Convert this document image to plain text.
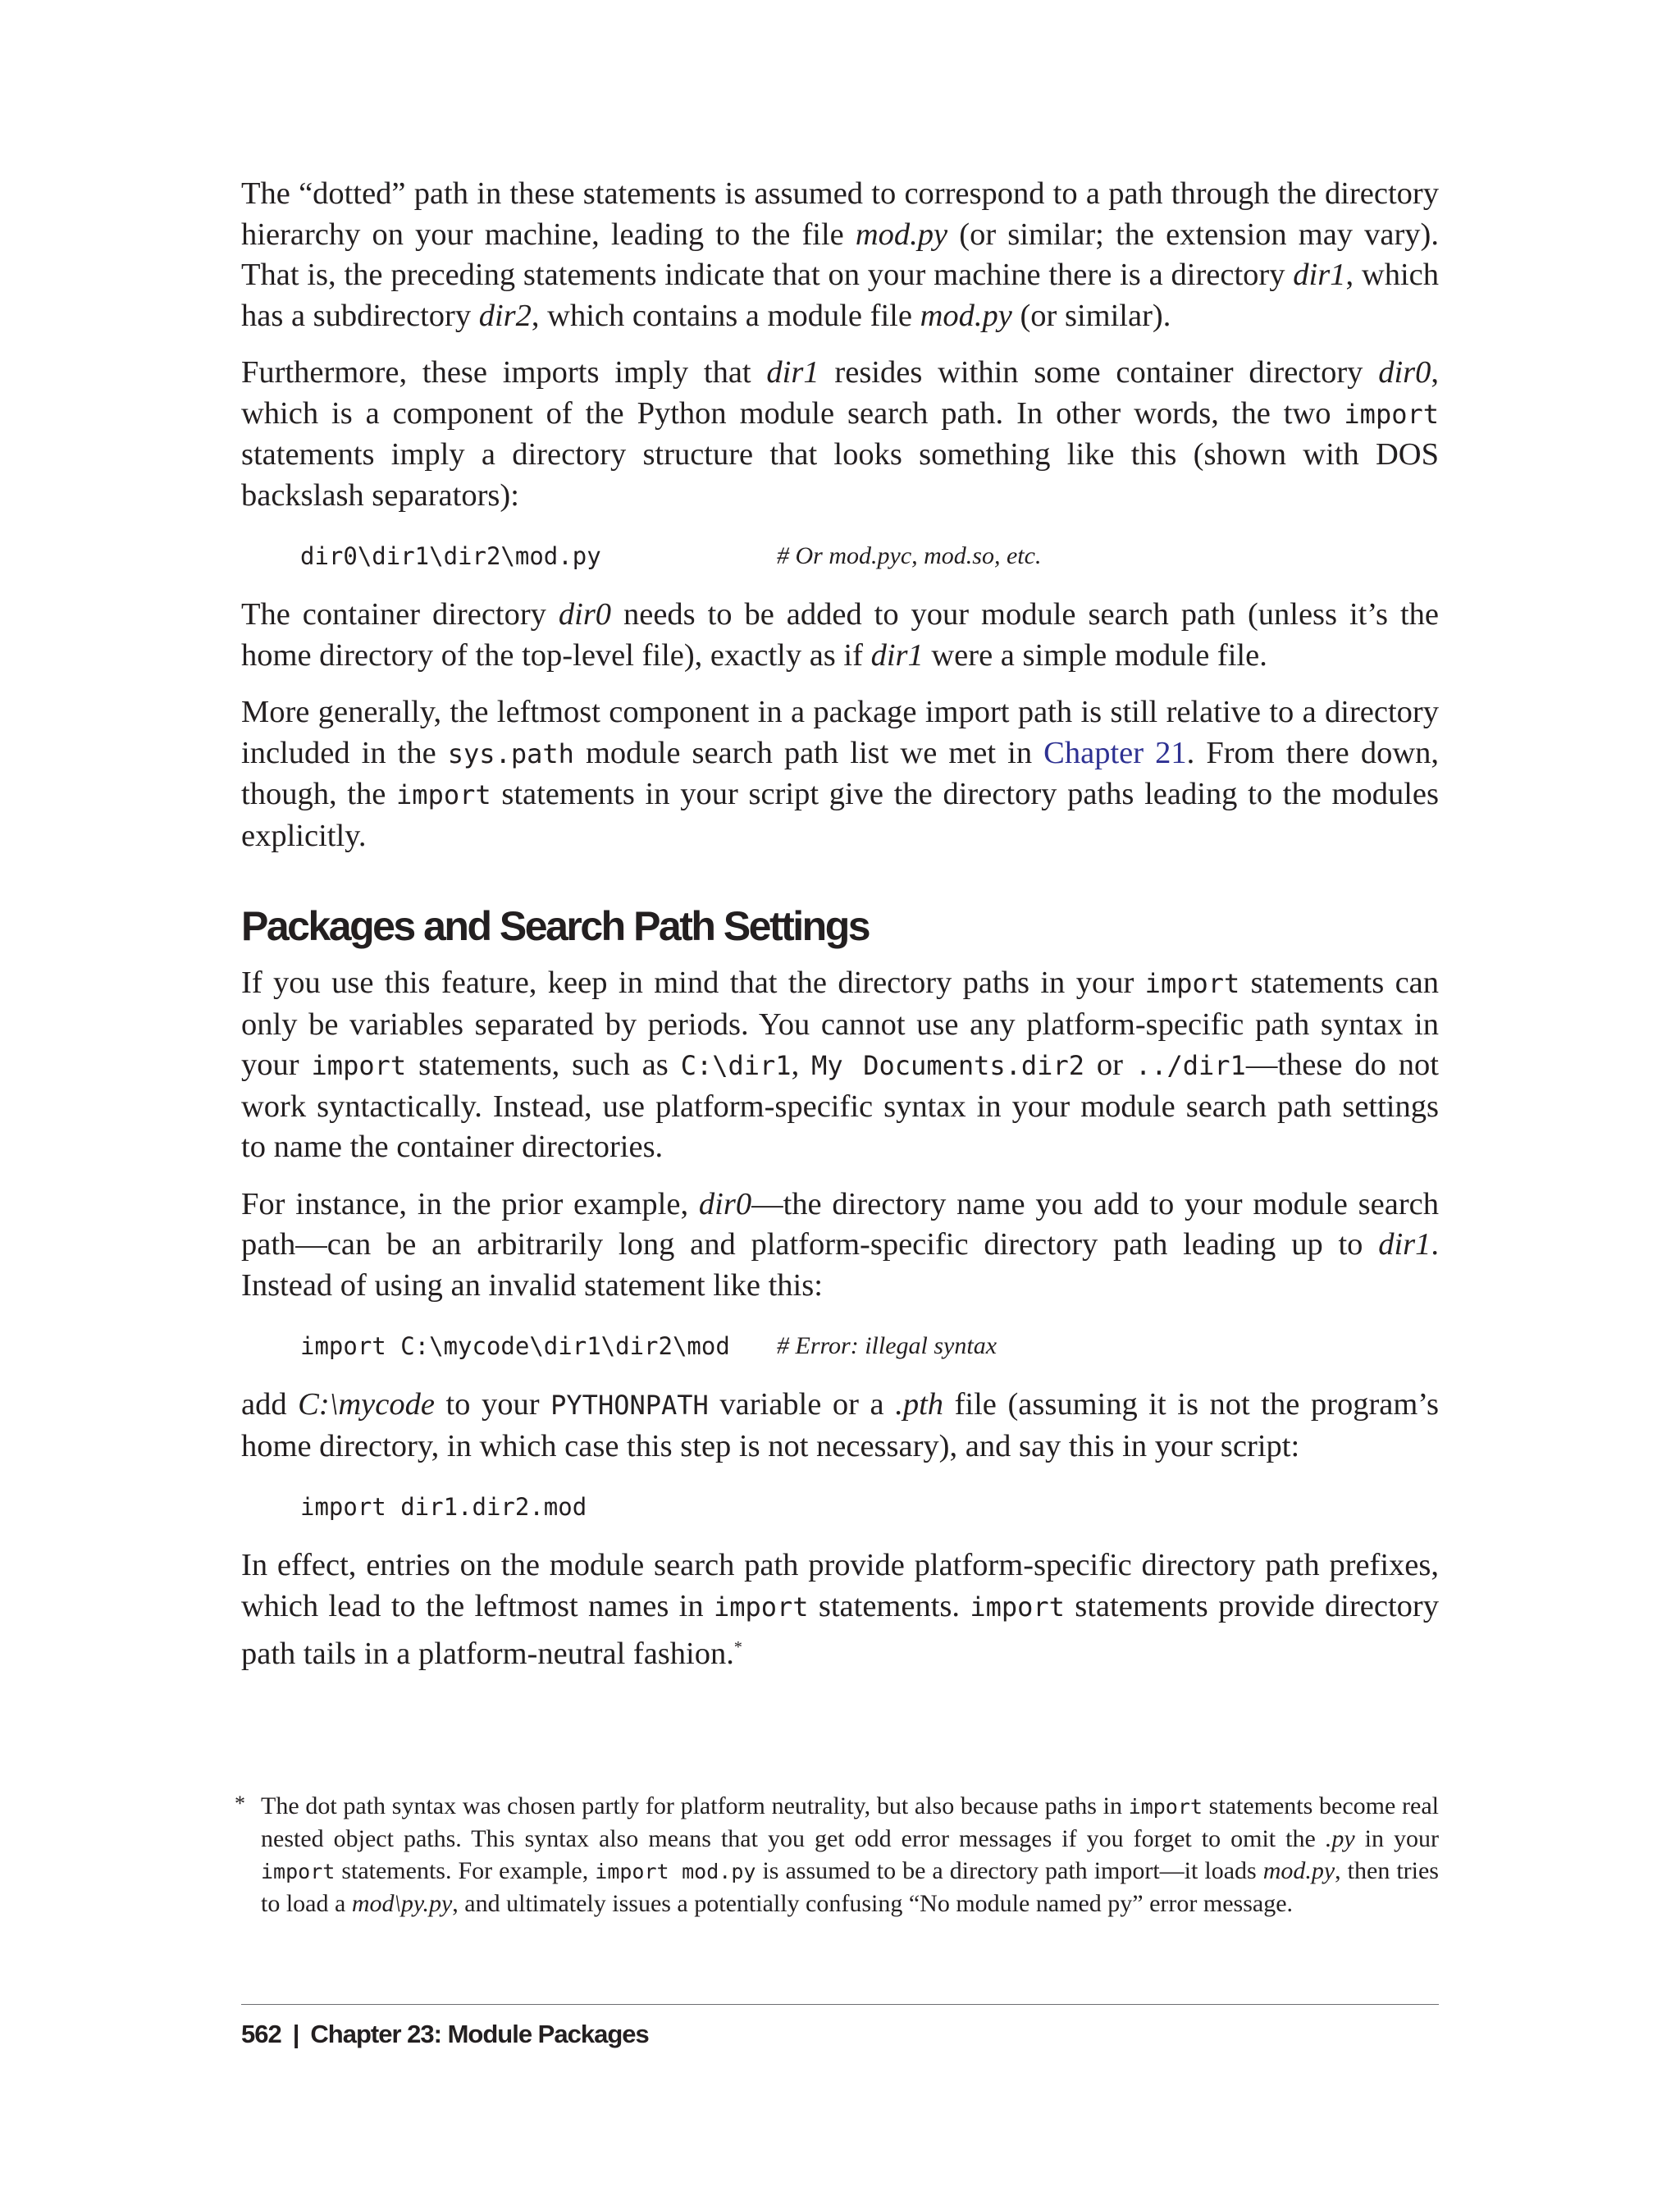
The “dotted” path in these statements is assumed to correspond to a path through the directory hierarchy on your machine, leading to the file mod.py (or similar; the extension may vary). That is, the preceding statements indicate that on your machine there is a directory dir1, which has a subdirectory dir2, which contains a module file mod.py (or similar).

Furthermore, these imports imply that dir1 resides within some container directory dir0, which is a component of the Python module search path. In other words, the two import statements imply a directory structure that looks something like this (shown with DOS backslash separators):

dir0\dir1\dir2\mod.py	# Or mod.pyc, mod.so, etc.

The container directory dir0 needs to be added to your module search path (unless it’s the home directory of the top-level file), exactly as if dir1 were a simple module file.

More generally, the leftmost component in a package import path is still relative to a directory included in the sys.path module search path list we met in Chapter 21. From there down, though, the import statements in your script give the directory paths leading to the modules explicitly.

Packages and Search Path Settings

If you use this feature, keep in mind that the directory paths in your import statements can only be variables separated by periods. You cannot use any platform-specific path syntax in your import statements, such as C:\dir1, My Documents.dir2 or ../dir1—these do not work syntactically. Instead, use platform-specific syntax in your module search path settings to name the container directories.

For instance, in the prior example, dir0—the directory name you add to your module search path—can be an arbitrarily long and platform-specific directory path leading up to dir1. Instead of using an invalid statement like this:

import C:\mycode\dir1\dir2\mod # Error: illegal syntax

add C:\mycode to your PYTHONPATH variable or a .pth file (assuming it is not the program’s home directory, in which case this step is not necessary), and say this in your script:

import dir1.dir2.mod

In effect, entries on the module search path provide platform-specific directory path prefixes, which lead to the leftmost names in import statements. import statements provide directory path tails in a platform-neutral fashion.*

* The dot path syntax was chosen partly for platform neutrality, but also because paths in import statements become real nested object paths. This syntax also means that you get odd error messages if you forget to omit the .py in your import statements. For example, import mod.py is assumed to be a directory path import—it loads mod.py, then tries to load a mod\py.py, and ultimately issues a potentially confusing “No module named py” error message.
562 | Chapter 23: Module Packages
